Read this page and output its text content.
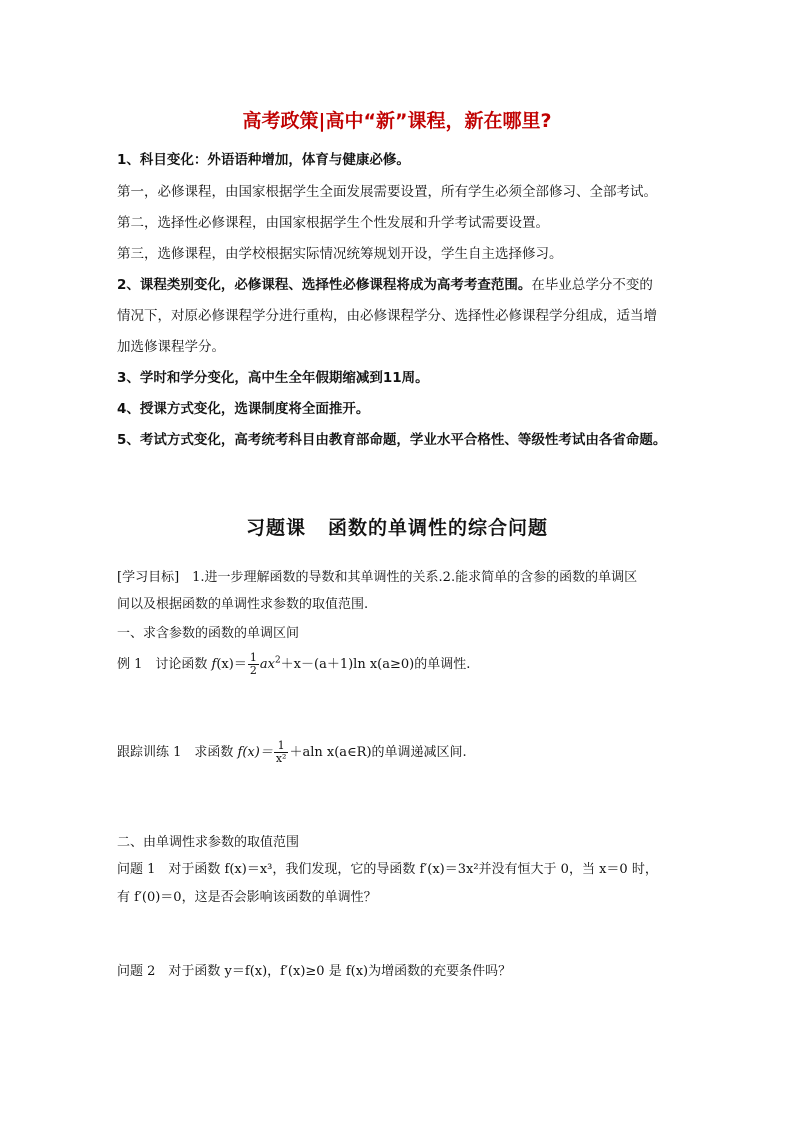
高考政策|高中“新”课程，新在哪里?
1、科目变化：外语语种增加，体育与健康必修。
第一，必修课程，由国家根据学生全面发展需要设置，所有学生必须全部修习、全部考试。
第二，选择性必修课程，由国家根据学生个性发展和升学考试需要设置。
第三，选修课程，由学校根据实际情况统筹规划开设，学生自主选择修习。
2、课程类别变化，必修课程、选择性必修课程将成为高考考查范围。在毕业总学分不变的
情况下，对原必修课程学分进行重构，由必修课程学分、选择性必修课程学分组成，适当增
加选修课程学分。
3、学时和学分变化，高中生全年假期缩减到11周。
4、授课方式变化，选课制度将全面推开。
5、考试方式变化，高考统考科目由教育部命题，学业水平合格性、等级性考试由各省命题。
习题课 函数的单调性的综合问题
[学习目标]　1.进一步理解函数的导数和其单调性的关系.2.能求简单的含参的函数的单调区
间以及根据函数的单调性求参数的取值范围.
一、求含参数的函数的单调区间
例 1　讨论函数 $f(x)= \frac{1}{2} ax^2+x-(a+1)\ln$ x(a≥0)的单调性.
跟踪训练 1　求函数 $f(x)= \frac{1}{\text{x²}} +aln$ x(a∈R)的单调递减区间.
二、由单调性求参数的取值范围
问题 1　对于函数 f(x)＝x³，我们发现，它的导函数 f′(x)＝3x²并没有恒大于 0，当 x＝0 时，
有 f′(0)＝0，这是否会影响该函数的单调性？
问题 2　对于函数 y＝f(x)，f′(x)≥0 是 f(x)为增函数的充要条件吗？
